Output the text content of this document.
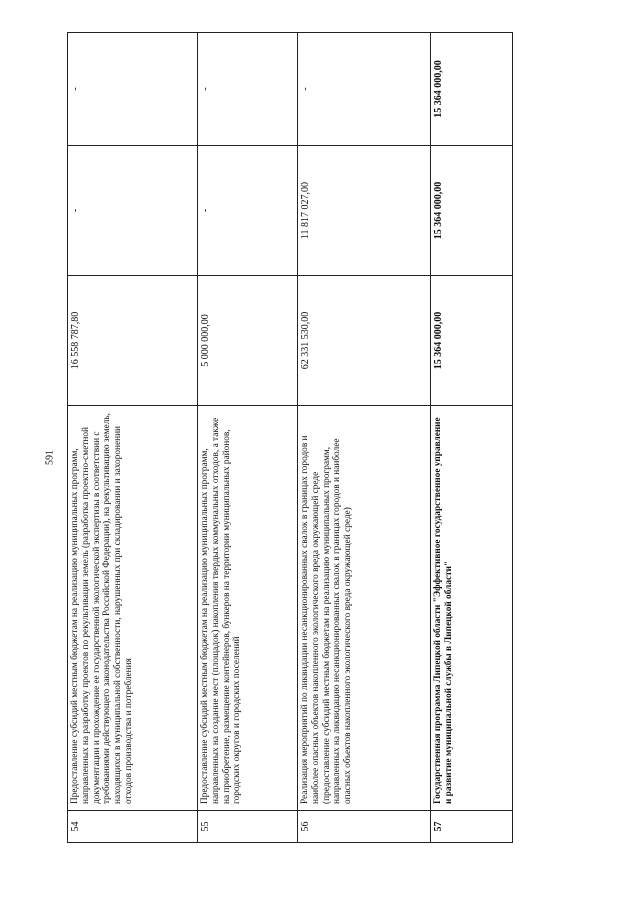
591
54	Предоставление субсидий местным бюджетам на реализацию муниципальных программ, направленных на разработку проектов по рекультивации земель (разработка проектно-сметной документации и прохождение ее государственной экологической экспертизы в соответствии с требованиями действующего законодательства Российской Федерации), на рекультивацию земель, находящихся в муниципальной собственности, нарушенных при складировании и захоронении отходов производства и потребления	16 558 787,80	-	-
55	Предоставление субсидий местным бюджетам на реализацию муниципальных программ, направленных на создание мест (площадок) накопления твердых коммунальных отходов, а также на приобретение, размещение контейнеров, бункеров на территории муниципальных районов, городских округов и городских поселений	5 000 000,00	-	-
56	Реализация мероприятий по ликвидации несанкционированных свалок в границах городов и наиболее опасных объектов накопленного экологического вреда окружающей среде
(предоставление субсидий местным бюджетам на реализацию муниципальных программ, направленных на ликвидацию несанкционированных свалок в границах городов и наиболее опасных объектов накопленного экологического вреда окружающей среде)	62 331 530,00	11 817 027,00	-
57	Государственная программа Липецкой области "Эффективное государственное управление и развитие муниципальной службы в Липецкой области"	15 364 000,00	15 364 000,00	15 364 000,00
